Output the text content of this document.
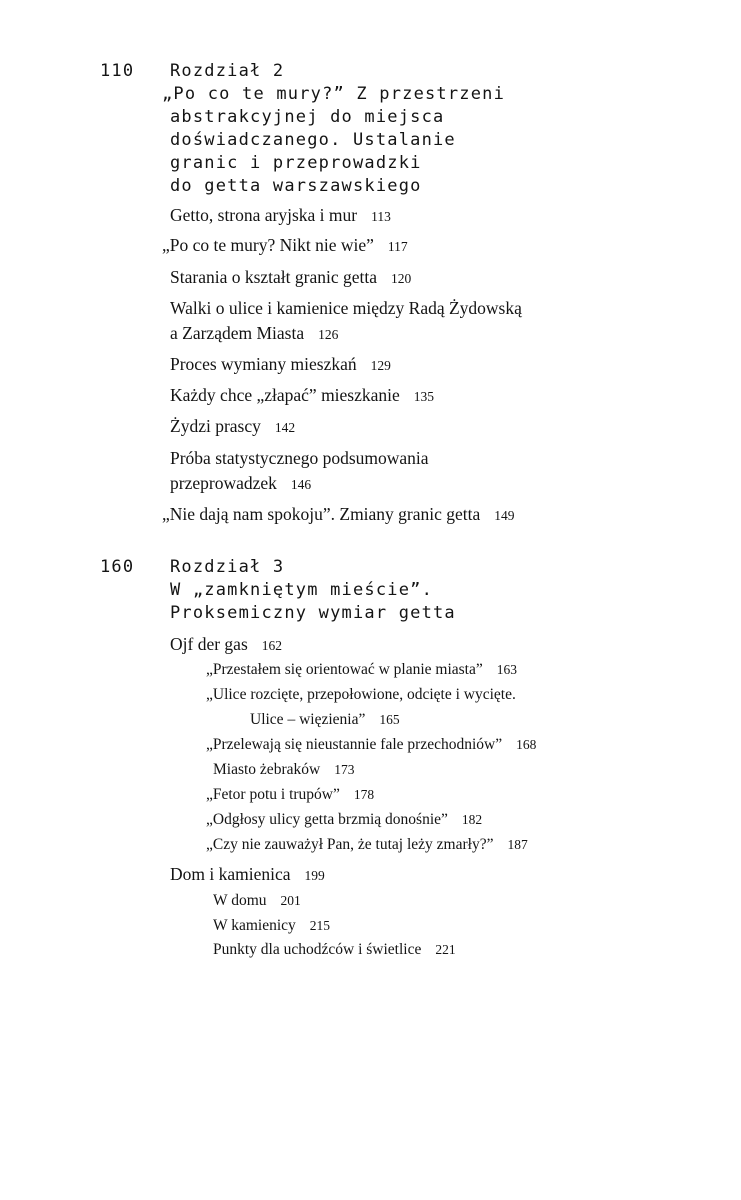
110 Rozdział 2
„Po co te mury?” Z przestrzeni
abstrakcyjnej do miejsca
doświadczanego. Ustalanie
granic i przeprowadzki
do getta warszawskiego
Getto, strona aryjska i mur 113
„Po co te mury? Nikt nie wie” 117
Starania o kształt granic getta 120
Walki o ulice i kamienice między Radą Żydowską
a Zarządem Miasta 126
Proces wymiany mieszkań 129
Każdy chce „złapać” mieszkanie 135
Żydzi prascy 142
Próba statystycznego podsumowania
przeprowadzek 146
„Nie dają nam spokoju”. Zmiany granic getta 149
160 Rozdział 3
W „zamkniętym mieście”.
Proksemiczny wymiar getta
Ojf der gas 162
„Przestałem się orientować w planie miasta” 163
„Ulice rozcięte, przepołowione, odcięte i wycięte.
Ulice – więzienia” 165
„Przelewają się nieustannie fale przechodniów” 168
Miasto żebraków 173
„Fetor potu i trupów” 178
„Odgłosy ulicy getta brzmią donośnie” 182
„Czy nie zauważył Pan, że tutaj leży zmarły?” 187
Dom i kamienica 199
W domu 201
W kamienicy 215
Punkty dla uchodźców i świetlice 221
